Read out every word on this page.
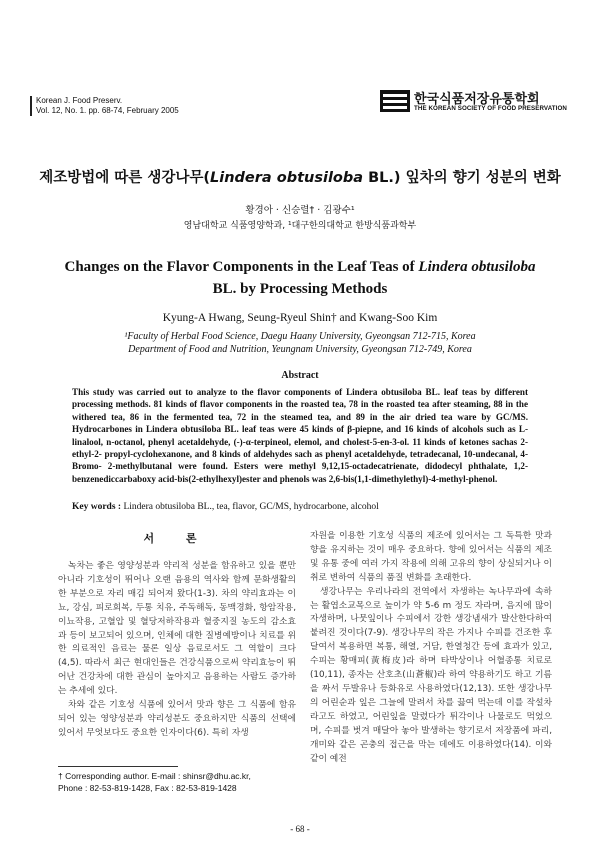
Korean J. Food Preserv.
Vol. 12, No. 1. pp. 68-74, February 2005
한국식품저장유통학회
THE KOREAN SOCIETY OF FOOD PRESERVATION
제조방법에 따른 생강나무(Lindera obtusiloba BL.) 잎차의 향기 성분의 변화
황경아 · 신승렬† · 김광수¹
영남대학교 식품영양학과, ¹대구한의대학교 한방식품과학부
Changes on the Flavor Components in the Leaf Teas of Lindera obtusiloba
BL. by Processing Methods
Kyung-A Hwang, Seung-Ryeul Shin† and Kwang-Soo Kim
¹Faculty of Herbal Food Science, Daegu Haany University, Gyeongsan 712-715, Korea
Department of Food and Nutrition, Yeungnam University, Gyeongsan 712-749, Korea
Abstract
This study was carried out to analyze to the flavor components of Lindera obtusiloba BL. leaf teas by different processing methods. 81 kinds of flavor components in the roasted tea, 78 in the roasted tea after steaming, 88 in the withered tea, 86 in the fermented tea, 72 in the steamed tea, and 89 in the air dried tea ware by GC/MS. Hydrocarbones in Lindera obtusiloba BL. leaf teas were 45 kinds of β-piepne, and 16 kinds of alcohols such as L-linalool, n-octanol, phenyl acetaldehyde, (-)-α-terpineol, elemol, and cholest-5-en-3-ol. 11 kinds of ketones sachas 2-ethyl-2- propyl-cyclohexanone, and 8 kinds of aldehydes sach as phenyl acetaldehyde, tetradecanal, 10-undecanal, 4-Bromo- 2-methylbutanal were found. Esters were methyl 9,12,15-octadecatrienate, didodecyl phthalate, 1,2-benzenediccarbaboxy acid-bis(2-ethylhexyl)ester and phenols was 2,6-bis(1,1-dimethylethyl)-4-methyl-phenol.
Key words : Lindera obtusiloba BL., tea, flavor, GC/MS, hydrocarbone, alcohol
서 론

녹차는 좋은 영양성분과 약리적 성분을 함유하고 있을 뿐만 아니라 기호성이 뛰어나 오랜 음용의 역사와 함께 문화생활의 한 부분으로 자리 매김 되어져 왔다(1-3). 차의 약리효과는 이뇨, 강심, 피로회복, 두통 치유, 주독해독, 동맥경화, 항암작용, 이뇨작용, 고혈압 및 혈당저하작용과 혈중지질 농도의 감소효과 등이 보고되어 있으며, 인체에 대한 질병예방이나 치료를 위한 의료적인 음료는 물론 일상 음료로서도 그 역할이 크다(4,5). 따라서 최근 현대인들은 건강식품으로써 약리효능이 뛰어난 건강차에 대한 관심이 높아지고 음용하는 사람도 증가하는 추세에 있다.

차와 같은 기호성 식품에 있어서 맛과 향은 그 식품에 함유되어 있는 영양성분과 약리성분도 중요하지만 식품의 선택에 있어서 무엇보다도 중요한 인자이다(6). 특히 자생

자원을 이용한 기호성 식품의 제조에 있어서는 그 독특한 맛과 향을 유지하는 것이 매우 중요하다. 향에 있어서는 식품의 제조 및 유통 중에 여러 가지 작용에 의해 고유의 향이 상실되거나 이취로 변하여 식품의 품질 변화를 초래한다.

생강나무는 우리나라의 전역에서 자생하는 녹나무과에 속하는 활엽소교목으로 높이가 약 5-6 m 정도 자라며, 음지에 많이 자생하며, 나뭇잎이나 수피에서 강한 생강냄새가 발산한다하여 붙려진 것이다(7-9). 생강나무의 작은 가지나 수피를 건조한 후 달여서 복용하면 복통, 해열, 거담, 한열청간 등에 효과가 있고, 수피는 황매피(黃梅皮)라 하며 타박상이나 어혈종통 치료로(10,11), 종자는 산호초(山蒼椒)라 하여 약용하기도 하고 기름을 짜서 두발유나 등화유로 사용하였다(12,13). 또한 생강나무의 어린순과 잎은 그늘에 말려서 차를 끓여 먹는데 이를 작설차라고도 하였고, 어린잎을 말렸다가 튀각이나 나물로도 먹었으며, 수피를 벗겨 매달아 놓아 발생하는 향기로서 저장품에 파리, 개미와 같은 곤충의 접근을 막는 데에도 이용하였다(14). 이와 같이 예전

† Corresponding author. E-mail : shinsr@dhu.ac.kr,
Phone : 82-53-819-1428, Fax : 82-53-819-1428
- 68 -
